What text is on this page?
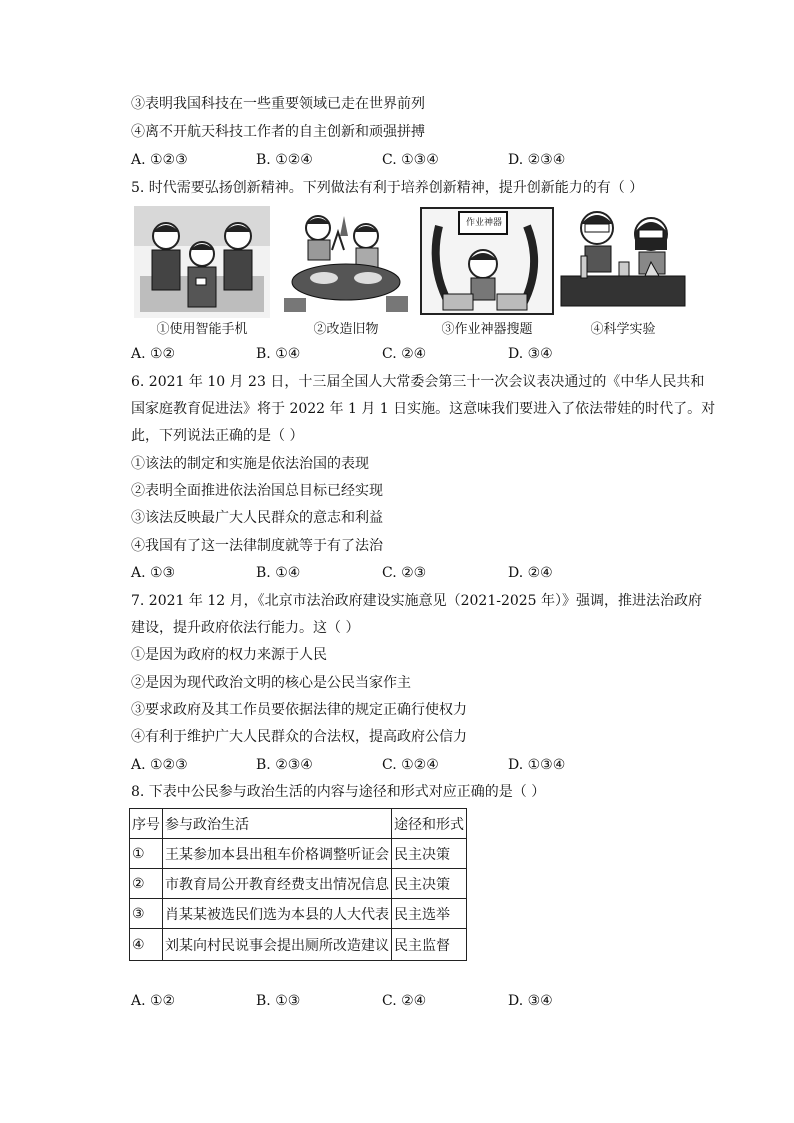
③表明我国科技在一些重要领域已走在世界前列
④离不开航天科技工作者的自主创新和顽强拼搏
A. ①②③	B. ①②④	C. ①③④	D. ②③④
5. 时代需要弘扬创新精神。下列做法有利于培养创新精神，提升创新能力的有（ ）
①使用智能手机	②改造旧物
作业神器
③作业神器搜题	④科学实验
A. ①②	B. ①④	C. ②④	D. ③④
6. 2021 年 10 月 23 日，十三届全国人大常委会第三十一次会议表决通过的《中华人民共和
国家庭教育促进法》将于 2022 年 1 月 1 日实施。这意味我们要进入了依法带娃的时代了。对
此，下列说法正确的是（ ）
①该法的制定和实施是依法治国的表现
②表明全面推进依法治国总目标已经实现
③该法反映最广大人民群众的意志和利益
④我国有了这一法律制度就等于有了法治
A. ①③	B. ①④	C. ②③	D. ②④
7. 2021 年 12 月，《北京市法治政府建设实施意见（2021-2025 年）》强调，推进法治政府
建设，提升政府依法行能力。这（ ）
①是因为政府的权力来源于人民
②是因为现代政治文明的核心是公民当家作主
③要求政府及其工作员要依据法律的规定正确行使权力
④有利于维护广大人民群众的合法权，提高政府公信力
A. ①②③	B. ②③④	C. ①②④	D. ①③④
8. 下表中公民参与政治生活的内容与途径和形式对应正确的是（ ）
序号	参与政治生活	途径和形式
①	王某参加本县出租车价格调整听证会	民主决策
②	市教育局公开教育经费支出情况信息	民主决策
③	肖某某被选民们选为本县的人大代表	民主选举
④	刘某向村民说事会提出厕所改造建议	民主监督
A. ①②	B. ①③	C. ②④	D. ③④
